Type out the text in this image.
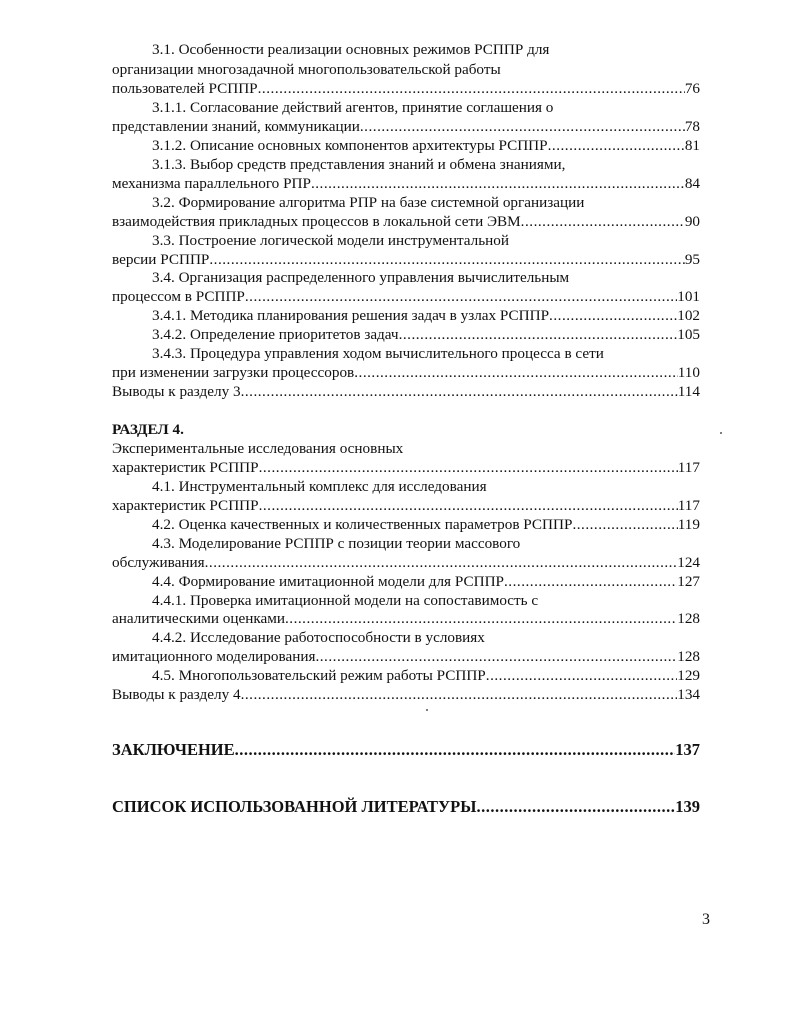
3.1. Особенности реализации основных режимов РСППР для
организации многозадачной многопользовательской работы
пользователей РСППР .....	76
3.1.1. Согласование действий агентов, принятие соглашения о
представлении знаний, коммуникации .....	78
3.1.2. Описание основных компонентов архитектуры РСППР .....	81
3.1.3. Выбор средств представления знаний и обмена знаниями,
механизма параллельного РПР .....	84
3.2. Формирование алгоритма РПР на базе системной организации
взаимодействия прикладных процессов в локальной сети ЭВМ .....	90
3.3. Построение логической модели инструментальной
версии РСППР .....	95
3.4. Организация распределенного управления вычислительным
процессом в РСППР .....	101
3.4.1. Методика планирования решения задач в узлах РСППР .....	102
3.4.2. Определение приоритетов задач .....	105
3.4.3. Процедура управления ходом вычислительного процесса в сети
при изменении загрузки процессоров .....	110
Выводы к разделу 3 .....	114
РАЗДЕЛ 4.
Экспериментальные исследования основных
характеристик РСППР .....	117
4.1. Инструментальный комплекс для исследования
характеристик РСППР .....	117
4.2. Оценка качественных и количественных параметров РСППР .....	119
4.3. Моделирование РСППР с позиции теории массового
обслуживания .....	124
4.4. Формирование имитационной модели для РСППР .....	127
4.4.1. Проверка имитационной модели на сопоставимость с
аналитическими оценками .....	128
4.4.2. Исследование работоспособности в условиях
имитационного моделирования .....	128
4.5. Многопользовательский режим работы РСППР .....	129
Выводы к разделу 4 .....	134
ЗАКЛЮЧЕНИЕ .....	137
СПИСОК ИСПОЛЬЗОВАННОЙ ЛИТЕРАТУРЫ .....	139
3
